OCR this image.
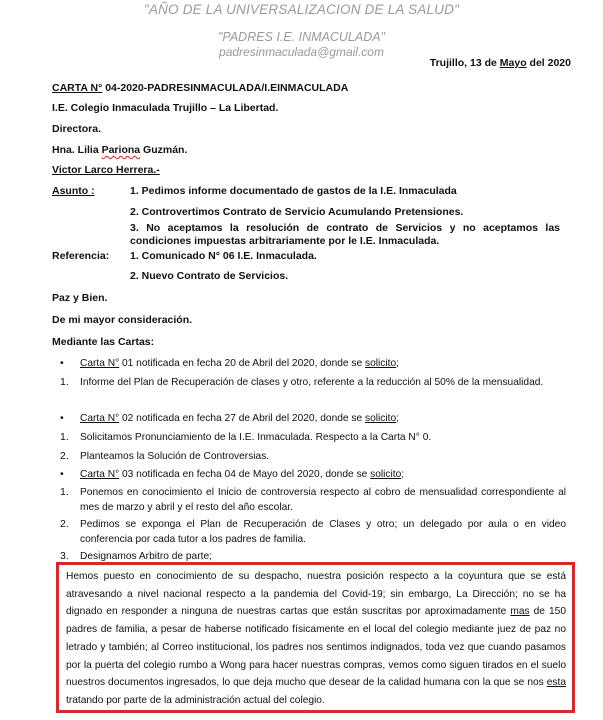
"AÑO DE LA UNIVERSALIZACION DE LA SALUD"
"PADRES I.E. INMACULADA"
padresinmaculada@gmail.com
Trujillo, 13 de Mayo del 2020
CARTA N° 04-2020-PADRESINMACULADA/I.EINMACULADA
I.E. Colegio Inmaculada Trujillo – La Libertad.
Directora.
Hna. Lilia Pariona Guzmán.
Victor Larco Herrera.-
Asunto :	1. Pedimos informe documentado de gastos de la I.E. Inmaculada
2. Controvertimos Contrato de Servicio Acumulando Pretensiones.
3. No aceptamos la resolución de contrato de Servicios y no aceptamos las condiciones impuestas arbitrariamente por le I.E. Inmaculada.
Referencia: 1. Comunicado N° 06 I.E. Inmaculada.
2. Nuevo Contrato de Servicios.
Paz y Bien.
De mi mayor consideración.
Mediante las Cartas:
• Carta N° 01 notificada en fecha 20 de Abril del 2020, donde se solicito;
1. Informe del Plan de Recuperación de clases y otro, referente a la reducción al 50% de la mensualidad.
• Carta N° 02 notificada en fecha 27 de Abril del 2020, donde se solicito;
1. Solicitamos Pronunciamiento de la I.E. Inmaculada. Respecto a la Carta N° 0.
2. Planteamos la Solución de Controversias.
• Carta N° 03 notificada en fecha 04 de Mayo del 2020, donde se solicito;
1. Ponemos en conocimiento el Inicio de controversia respecto al cobro de mensualidad correspondiente al mes de marzo y abril y el resto del año escolar.
2. Pedimos se exponga el Plan de Recuperación de Clases y otro; un delegado por aula o en video conferencia por cada tutor a los padres de familia.
3. Designamos Arbitro de parte;
Hemos puesto en conocimiento de su despacho, nuestra posición respecto a la coyuntura que se está atravesando a nivel nacional respecto a la pandemia del Covid-19; sin embargo, La Dirección; no se ha dignado en responder a ninguna de nuestras cartas que están suscritas por aproximadamente mas de 150 padres de familia, a pesar de haberse notificado físicamente en el local del colegio mediante juez de paz no letrado y también; al Correo institucional, los padres nos sentimos indignados, toda vez que cuando pasamos por la puerta del colegio rumbo a Wong para hacer nuestras compras, vemos como siguen tirados en el suelo nuestros documentos ingresados, lo que deja mucho que desear de la calidad humana con la que se nos esta tratando por parte de la administración actual del colegio.
